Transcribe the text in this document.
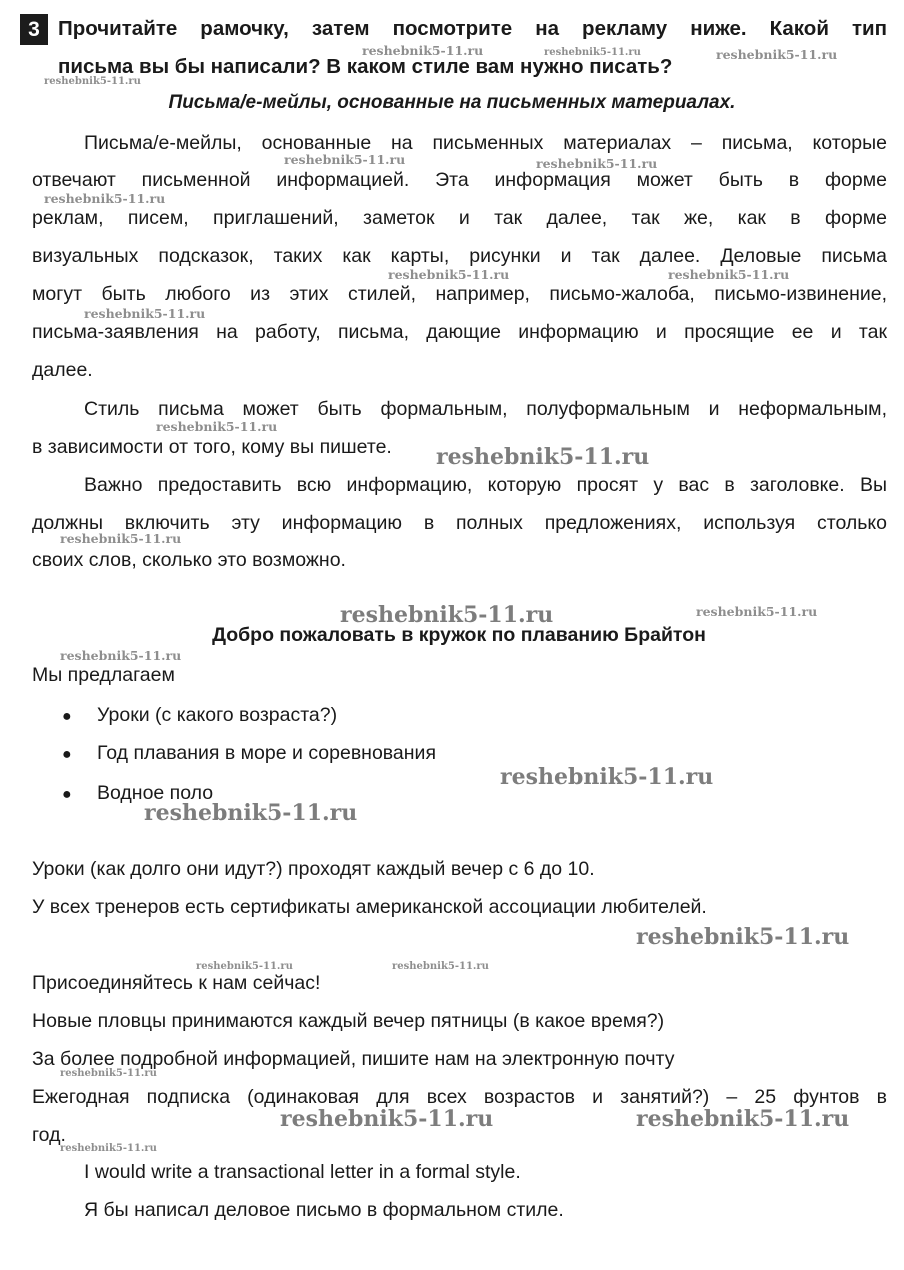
3 Прочитайте рамочку, затем посмотрите на рекламу ниже. Какой тип
письма вы бы написали? В каком стиле вам нужно писать?
Письма/е-мейлы, основанные на письменных материалах.
Письма/е-мейлы, основанные на письменных материалах – письма, которые
отвечают письменной информацией. Эта информация может быть в форме
реклам, писем, приглашений, заметок и так далее, так же, как в форме
визуальных подсказок, таких как карты, рисунки и так далее. Деловые письма
могут быть любого из этих стилей, например, письмо-жалоба, письмо-извинение,
письма-заявления на работу, письма, дающие информацию и просящие ее и так
далее.
Стиль письма может быть формальным, полуформальным и неформальным,
в зависимости от того, кому вы пишете.
Важно предоставить всю информацию, которую просят у вас в заголовке. Вы
должны включить эту информацию в полных предложениях, используя столько
своих слов, сколько это возможно.
Добро пожаловать в кружок по плаванию Брайтон
Мы предлагаем
● Уроки (с какого возраста?)
● Год плавания в море и соревнования
● Водное поло
Уроки (как долго они идут?) проходят каждый вечер с 6 до 10.
У всех тренеров есть сертификаты американской ассоциации любителей.
Присоединяйтесь к нам сейчас!
Новые пловцы принимаются каждый вечер пятницы (в какое время?)
За более подробной информацией, пишите нам на электронную почту
Ежегодная подписка (одинаковая для всех возрастов и занятий?) – 25 фунтов в
год.
I would write a transactional letter in a formal style.
Я бы написал деловое письмо в формальном стиле.
reshebnik5-11.ru	reshebnik5-11.ru	reshebnik5-11.ru
reshebnik5-11.ru
reshebnik5-11.ru	reshebnik5-11.ru
reshebnik5-11.ru
reshebnik5-11.ru	reshebnik5-11.ru
reshebnik5-11.ru
reshebnik5-11.ru
reshebnik5-11.ru
reshebnik5-11.ru
reshebnik5-11.ru	reshebnik5-11.ru
reshebnik5-11.ru
reshebnik5-11.ru
reshebnik5-11.ru
reshebnik5-11.ru
reshebnik5-11.ru	reshebnik5-11.ru
reshebnik5-11.ru
reshebnik5-11.ru	reshebnik5-11.ru
reshebnik5-11.ru
